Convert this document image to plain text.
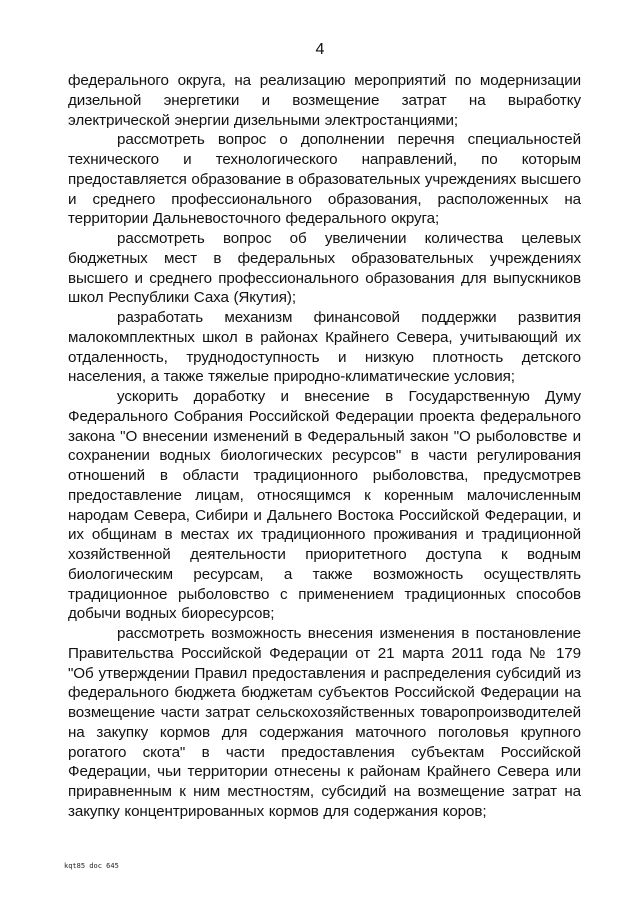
4

федерального округа, на реализацию мероприятий по модернизации дизельной энергетики и возмещение затрат на выработку электрической энергии дизельными электростанциями;

рассмотреть вопрос о дополнении перечня специальностей технического и технологического направлений, по которым предоставляется образование в образовательных учреждениях высшего и среднего профессионального образования, расположенных на территории Дальневосточного федерального округа;

рассмотреть вопрос об увеличении количества целевых бюджетных мест в федеральных образовательных учреждениях высшего и среднего профессионального образования для выпускников школ Республики Саха (Якутия);

разработать механизм финансовой поддержки развития малокомплектных школ в районах Крайнего Севера, учитывающий их отдаленность, труднодоступность и низкую плотность детского населения, а также тяжелые природно-климатические условия;

ускорить доработку и внесение в Государственную Думу Федерального Собрания Российской Федерации проекта федерального закона "О внесении изменений в Федеральный закон "О рыболовстве и сохранении водных биологических ресурсов" в части регулирования отношений в области традиционного рыболовства, предусмотрев предоставление лицам, относящимся к коренным малочисленным народам Севера, Сибири и Дальнего Востока Российской Федерации, и их общинам в местах их традиционного проживания и традиционной хозяйственной деятельности приоритетного доступа к водным биологическим ресурсам, а также возможность осуществлять традиционное рыболовство с применением традиционных способов добычи водных биоресурсов;

рассмотреть возможность внесения изменения в постановление Правительства Российской Федерации от 21 марта 2011 года № 179 "Об утверждении Правил предоставления и распределения субсидий из федерального бюджета бюджетам субъектов Российской Федерации на возмещение части затрат сельскохозяйственных товаропроизводителей на закупку кормов для содержания маточного поголовья крупного рогатого скота" в части предоставления субъектам Российской Федерации, чьи территории отнесены к районам Крайнего Севера или приравненным к ним местностям, субсидий на возмещение затрат на закупку концентрированных кормов для содержания коров;

kqt85 doc 645
